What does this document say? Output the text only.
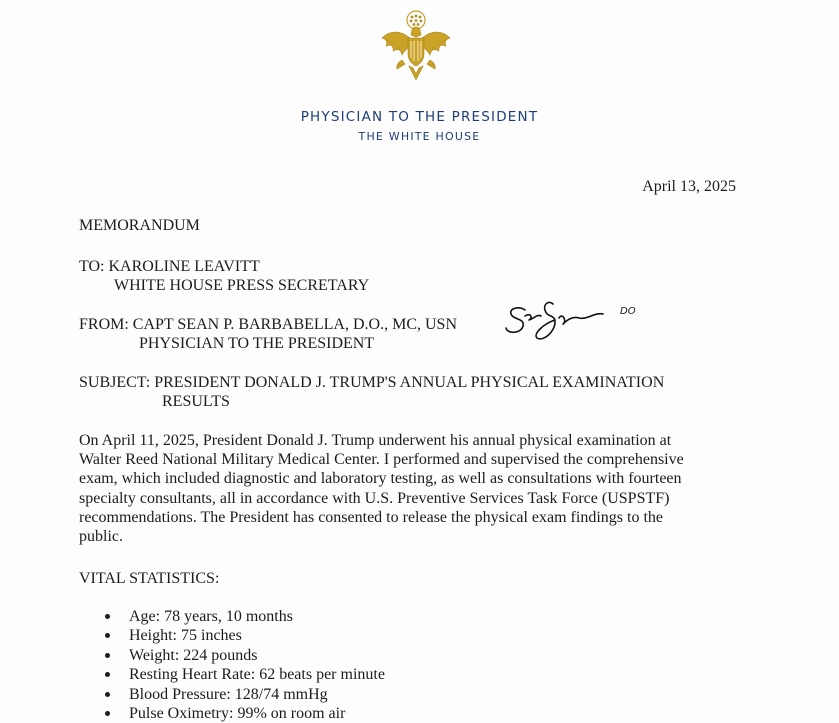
PHYSICIAN TO THE PRESIDENT
THE WHITE HOUSE
April 13, 2025
MEMORANDUM
TO: KAROLINE LEAVITT
WHITE HOUSE PRESS SECRETARY
FROM: CAPT SEAN P. BARBABELLA, D.O., MC, USN
PHYSICIAN TO THE PRESIDENT
DO
SUBJECT: PRESIDENT DONALD J. TRUMP'S ANNUAL PHYSICAL EXAMINATION
RESULTS
On April 11, 2025, President Donald J. Trump underwent his annual physical examination at
Walter Reed National Military Medical Center. I performed and supervised the comprehensive
exam, which included diagnostic and laboratory testing, as well as consultations with fourteen
specialty consultants, all in accordance with U.S. Preventive Services Task Force (USPSTF)
recommendations. The President has consented to release the physical exam findings to the
public.
VITAL STATISTICS:
Age: 78 years, 10 months
Height: 75 inches
Weight: 224 pounds
Resting Heart Rate: 62 beats per minute
Blood Pressure: 128/74 mmHg
Pulse Oximetry: 99% on room air
